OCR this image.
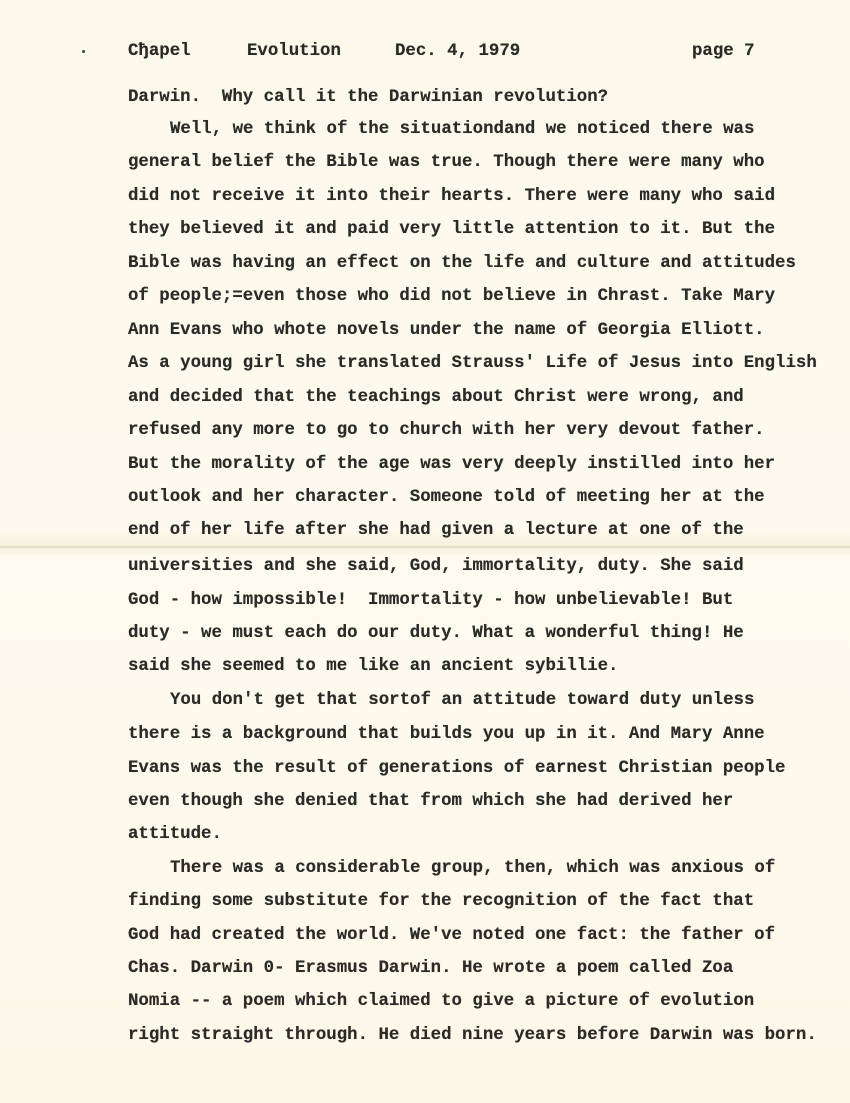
Cђapel	Evolution	Dec. 4, 1979	page 7
Darwin.  Why call it the Darwinian revolution?
Well, we think of the situationdand we noticed there was
general belief the Bible was true. Though there were many who
did not receive it into their hearts. There were many who said
they believed it and paid very little attention to it. But the
Bible was having an effect on the life and culture and attitudes
of people;=even those who did not believe in Chrast. Take Mary
Ann Evans who whote novels under the name of Georgia Elliott.
As a young girl she translated Strauss' Life of Jesus into English
and decided that the teachings about Christ were wrong, and
refused any more to go to church with her very devout father.
But the morality of the age was very deeply instilled into her
outlook and her character. Someone told of meeting her at the
end of her life after she had given a lecture at one of the
universities and she said, God, immortality, duty. She said
God - how impossible!  Immortality - how unbelievable! But
duty - we must each do our duty. What a wonderful thing! He
said she seemed to me like an ancient sybillie.
You don't get that sortof an attitude toward duty unless
there is a background that builds you up in it. And Mary Anne
Evans was the result of generations of earnest Christian people
even though she denied that from which she had derived her
attitude.
There was a considerable group, then, which was anxious of
finding some substitute for the recognition of the fact that
God had created the world. We've noted one fact: the father of
Chas. Darwin 0- Erasmus Darwin. He wrote a poem called Zoa
Nomia -- a poem which claimed to give a picture of evolution
right straight through. He died nine years before Darwin was born.
